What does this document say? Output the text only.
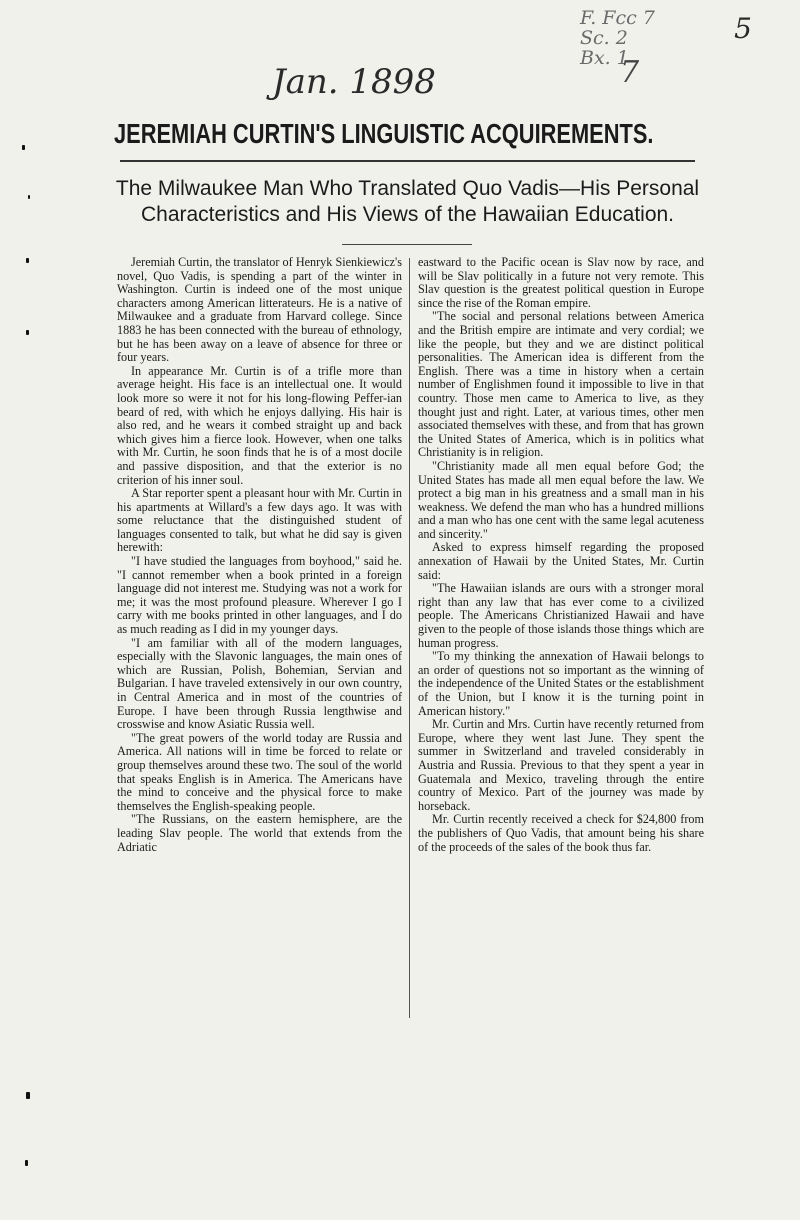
5
F. Fcc 7
Sc. 2
Bx. 1
7
Jan. 1898
JEREMIAH CURTIN'S LINGUISTIC ACQUIREMENTS.
The Milwaukee Man Who Translated Quo Vadis—His Personal Characteristics and His Views of the Hawaiian Education.

Jeremiah Curtin, the translator of Henryk Sienkiewicz's novel, Quo Vadis, is spending a part of the winter in Washington. Curtin is indeed one of the most unique characters among American litterateurs. He is a native of Milwaukee and a graduate from Harvard college. Since 1883 he has been connected with the bureau of ethnology, but he has been away on a leave of absence for three or four years.

In appearance Mr. Curtin is of a trifle more than average height. His face is an intellectual one. It would look more so were it not for his long-flowing Peffer-ian beard of red, with which he enjoys dallying. His hair is also red, and he wears it combed straight up and back which gives him a fierce look. However, when one talks with Mr. Curtin, he soon finds that he is of a most docile and passive disposition, and that the exterior is no criterion of his inner soul.

A Star reporter spent a pleasant hour with Mr. Curtin in his apartments at Willard's a few days ago. It was with some reluctance that the distinguished student of languages consented to talk, but what he did say is given herewith:

"I have studied the languages from boyhood," said he. "I cannot remember when a book printed in a foreign language did not interest me. Studying was not a work for me; it was the most profound pleasure. Wherever I go I carry with me books printed in other languages, and I do as much reading as I did in my younger days.

"I am familiar with all of the modern languages, especially with the Slavonic languages, the main ones of which are Russian, Polish, Bohemian, Servian and Bulgarian. I have traveled extensively in our own country, in Central America and in most of the countries of Europe. I have been through Russia lengthwise and crosswise and know Asiatic Russia well.

"The great powers of the world today are Russia and America. All nations will in time be forced to relate or group themselves around these two. The soul of the world that speaks English is in America. The Americans have the mind to conceive and the physical force to make themselves the English-speaking people.

"The Russians, on the eastern hemisphere, are the leading Slav people. The world that extends from the Adriatic

eastward to the Pacific ocean is Slav now by race, and will be Slav politically in a future not very remote. This Slav question is the greatest political question in Europe since the rise of the Roman empire.

"The social and personal relations between America and the British empire are intimate and very cordial; we like the people, but they and we are distinct political personalities. The American idea is different from the English. There was a time in history when a certain number of Englishmen found it impossible to live in that country. Those men came to America to live, as they thought just and right. Later, at various times, other men associated themselves with these, and from that has grown the United States of America, which is in politics what Christianity is in religion.

"Christianity made all men equal before God; the United States has made all men equal before the law. We protect a big man in his greatness and a small man in his weakness. We defend the man who has a hundred millions and a man who has one cent with the same legal acuteness and sincerity."

Asked to express himself regarding the proposed annexation of Hawaii by the United States, Mr. Curtin said:

"The Hawaiian islands are ours with a stronger moral right than any law that has ever come to a civilized people. The Americans Christianized Hawaii and have given to the people of those islands those things which are human progress.

"To my thinking the annexation of Hawaii belongs to an order of questions not so important as the winning of the independence of the United States or the establishment of the Union, but I know it is the turning point in American history."

Mr. Curtin and Mrs. Curtin have recently returned from Europe, where they went last June. They spent the summer in Switzerland and traveled considerably in Austria and Russia. Previous to that they spent a year in Guatemala and Mexico, traveling through the entire country of Mexico. Part of the journey was made by horseback.

Mr. Curtin recently received a check for $24,800 from the publishers of Quo Vadis, that amount being his share of the proceeds of the sales of the book thus far.
